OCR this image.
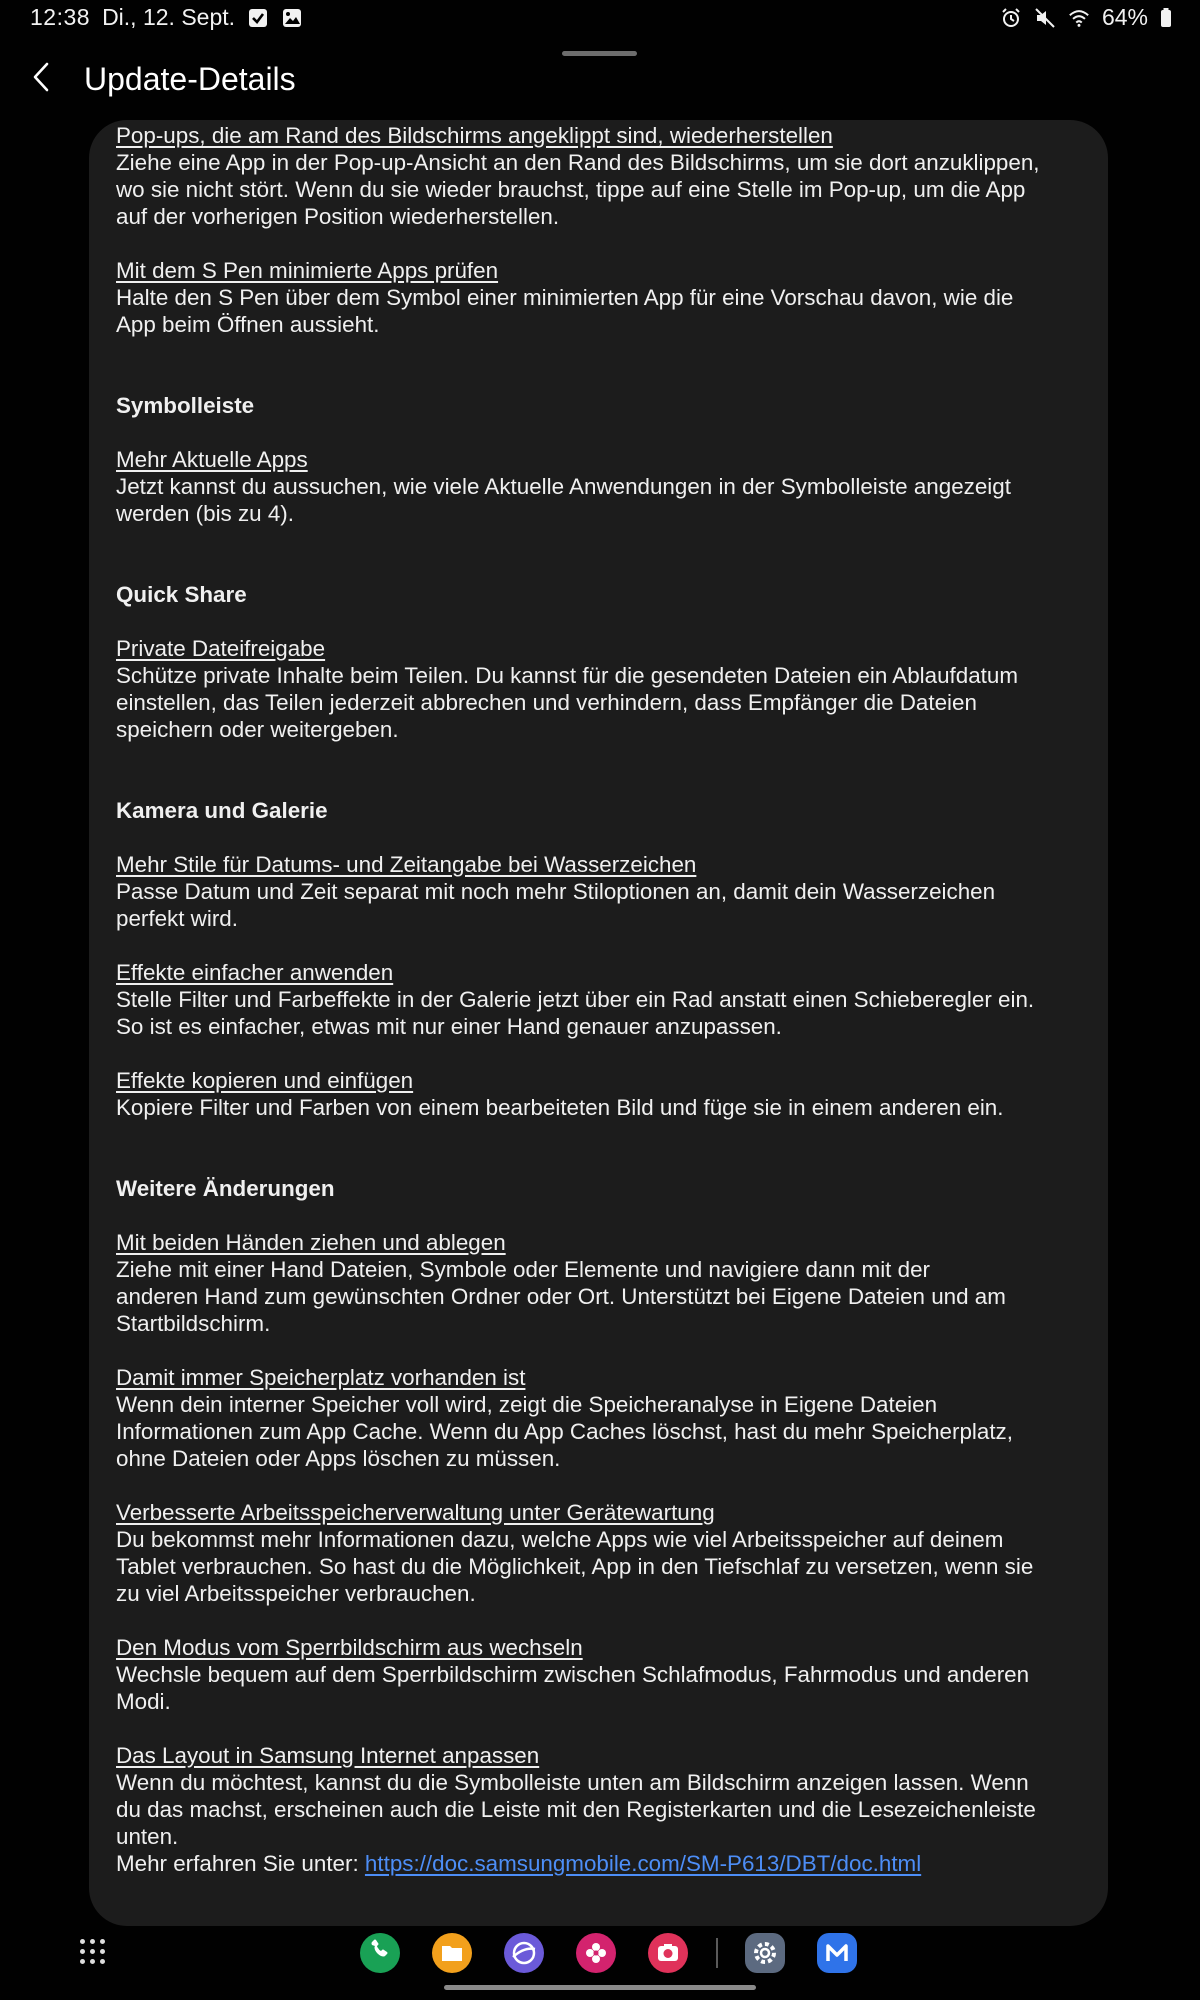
12:38 Di., 12. Sept.	64%
Update-Details

Pop-ups, die am Rand des Bildschirms angeklippt sind, wiederherstellen

Ziehe eine App in der Pop-up-Ansicht an den Rand des Bildschirms, um sie dort anzuklippen,

wo sie nicht stört. Wenn du sie wieder brauchst, tippe auf eine Stelle im Pop-up, um die App

auf der vorherigen Position wiederherstellen.

Mit dem S Pen minimierte Apps prüfen

Halte den S Pen über dem Symbol einer minimierten App für eine Vorschau davon, wie die

App beim Öffnen aussieht.

Symbolleiste

Mehr Aktuelle Apps

Jetzt kannst du aussuchen, wie viele Aktuelle Anwendungen in der Symbolleiste angezeigt

werden (bis zu 4).

Quick Share

Private Dateifreigabe

Schütze private Inhalte beim Teilen. Du kannst für die gesendeten Dateien ein Ablaufdatum

einstellen, das Teilen jederzeit abbrechen und verhindern, dass Empfänger die Dateien

speichern oder weitergeben.

Kamera und Galerie

Mehr Stile für Datums- und Zeitangabe bei Wasserzeichen

Passe Datum und Zeit separat mit noch mehr Stiloptionen an, damit dein Wasserzeichen

perfekt wird.

Effekte einfacher anwenden

Stelle Filter und Farbeffekte in der Galerie jetzt über ein Rad anstatt einen Schieberegler ein.

So ist es einfacher, etwas mit nur einer Hand genauer anzupassen.

Effekte kopieren und einfügen

Kopiere Filter und Farben von einem bearbeiteten Bild und füge sie in einem anderen ein.

Weitere Änderungen

Mit beiden Händen ziehen und ablegen

Ziehe mit einer Hand Dateien, Symbole oder Elemente und navigiere dann mit der

anderen Hand zum gewünschten Ordner oder Ort. Unterstützt bei Eigene Dateien und am

Startbildschirm.

Damit immer Speicherplatz vorhanden ist

Wenn dein interner Speicher voll wird, zeigt die Speicheranalyse in Eigene Dateien

Informationen zum App Cache. Wenn du App Caches löschst, hast du mehr Speicherplatz,

ohne Dateien oder Apps löschen zu müssen.

Verbesserte Arbeitsspeicherverwaltung unter Gerätewartung

Du bekommst mehr Informationen dazu, welche Apps wie viel Arbeitsspeicher auf deinem

Tablet verbrauchen. So hast du die Möglichkeit, App in den Tiefschlaf zu versetzen, wenn sie

zu viel Arbeitsspeicher verbrauchen.

Den Modus vom Sperrbildschirm aus wechseln

Wechsle bequem auf dem Sperrbildschirm zwischen Schlafmodus, Fahrmodus und anderen

Modi.

Das Layout in Samsung Internet anpassen

Wenn du möchtest, kannst du die Symbolleiste unten am Bildschirm anzeigen lassen. Wenn

du das machst, erscheinen auch die Leiste mit den Registerkarten und die Lesezeichenleiste

unten.

Mehr erfahren Sie unter: https://doc.samsungmobile.com/SM-P613/DBT/doc.html
